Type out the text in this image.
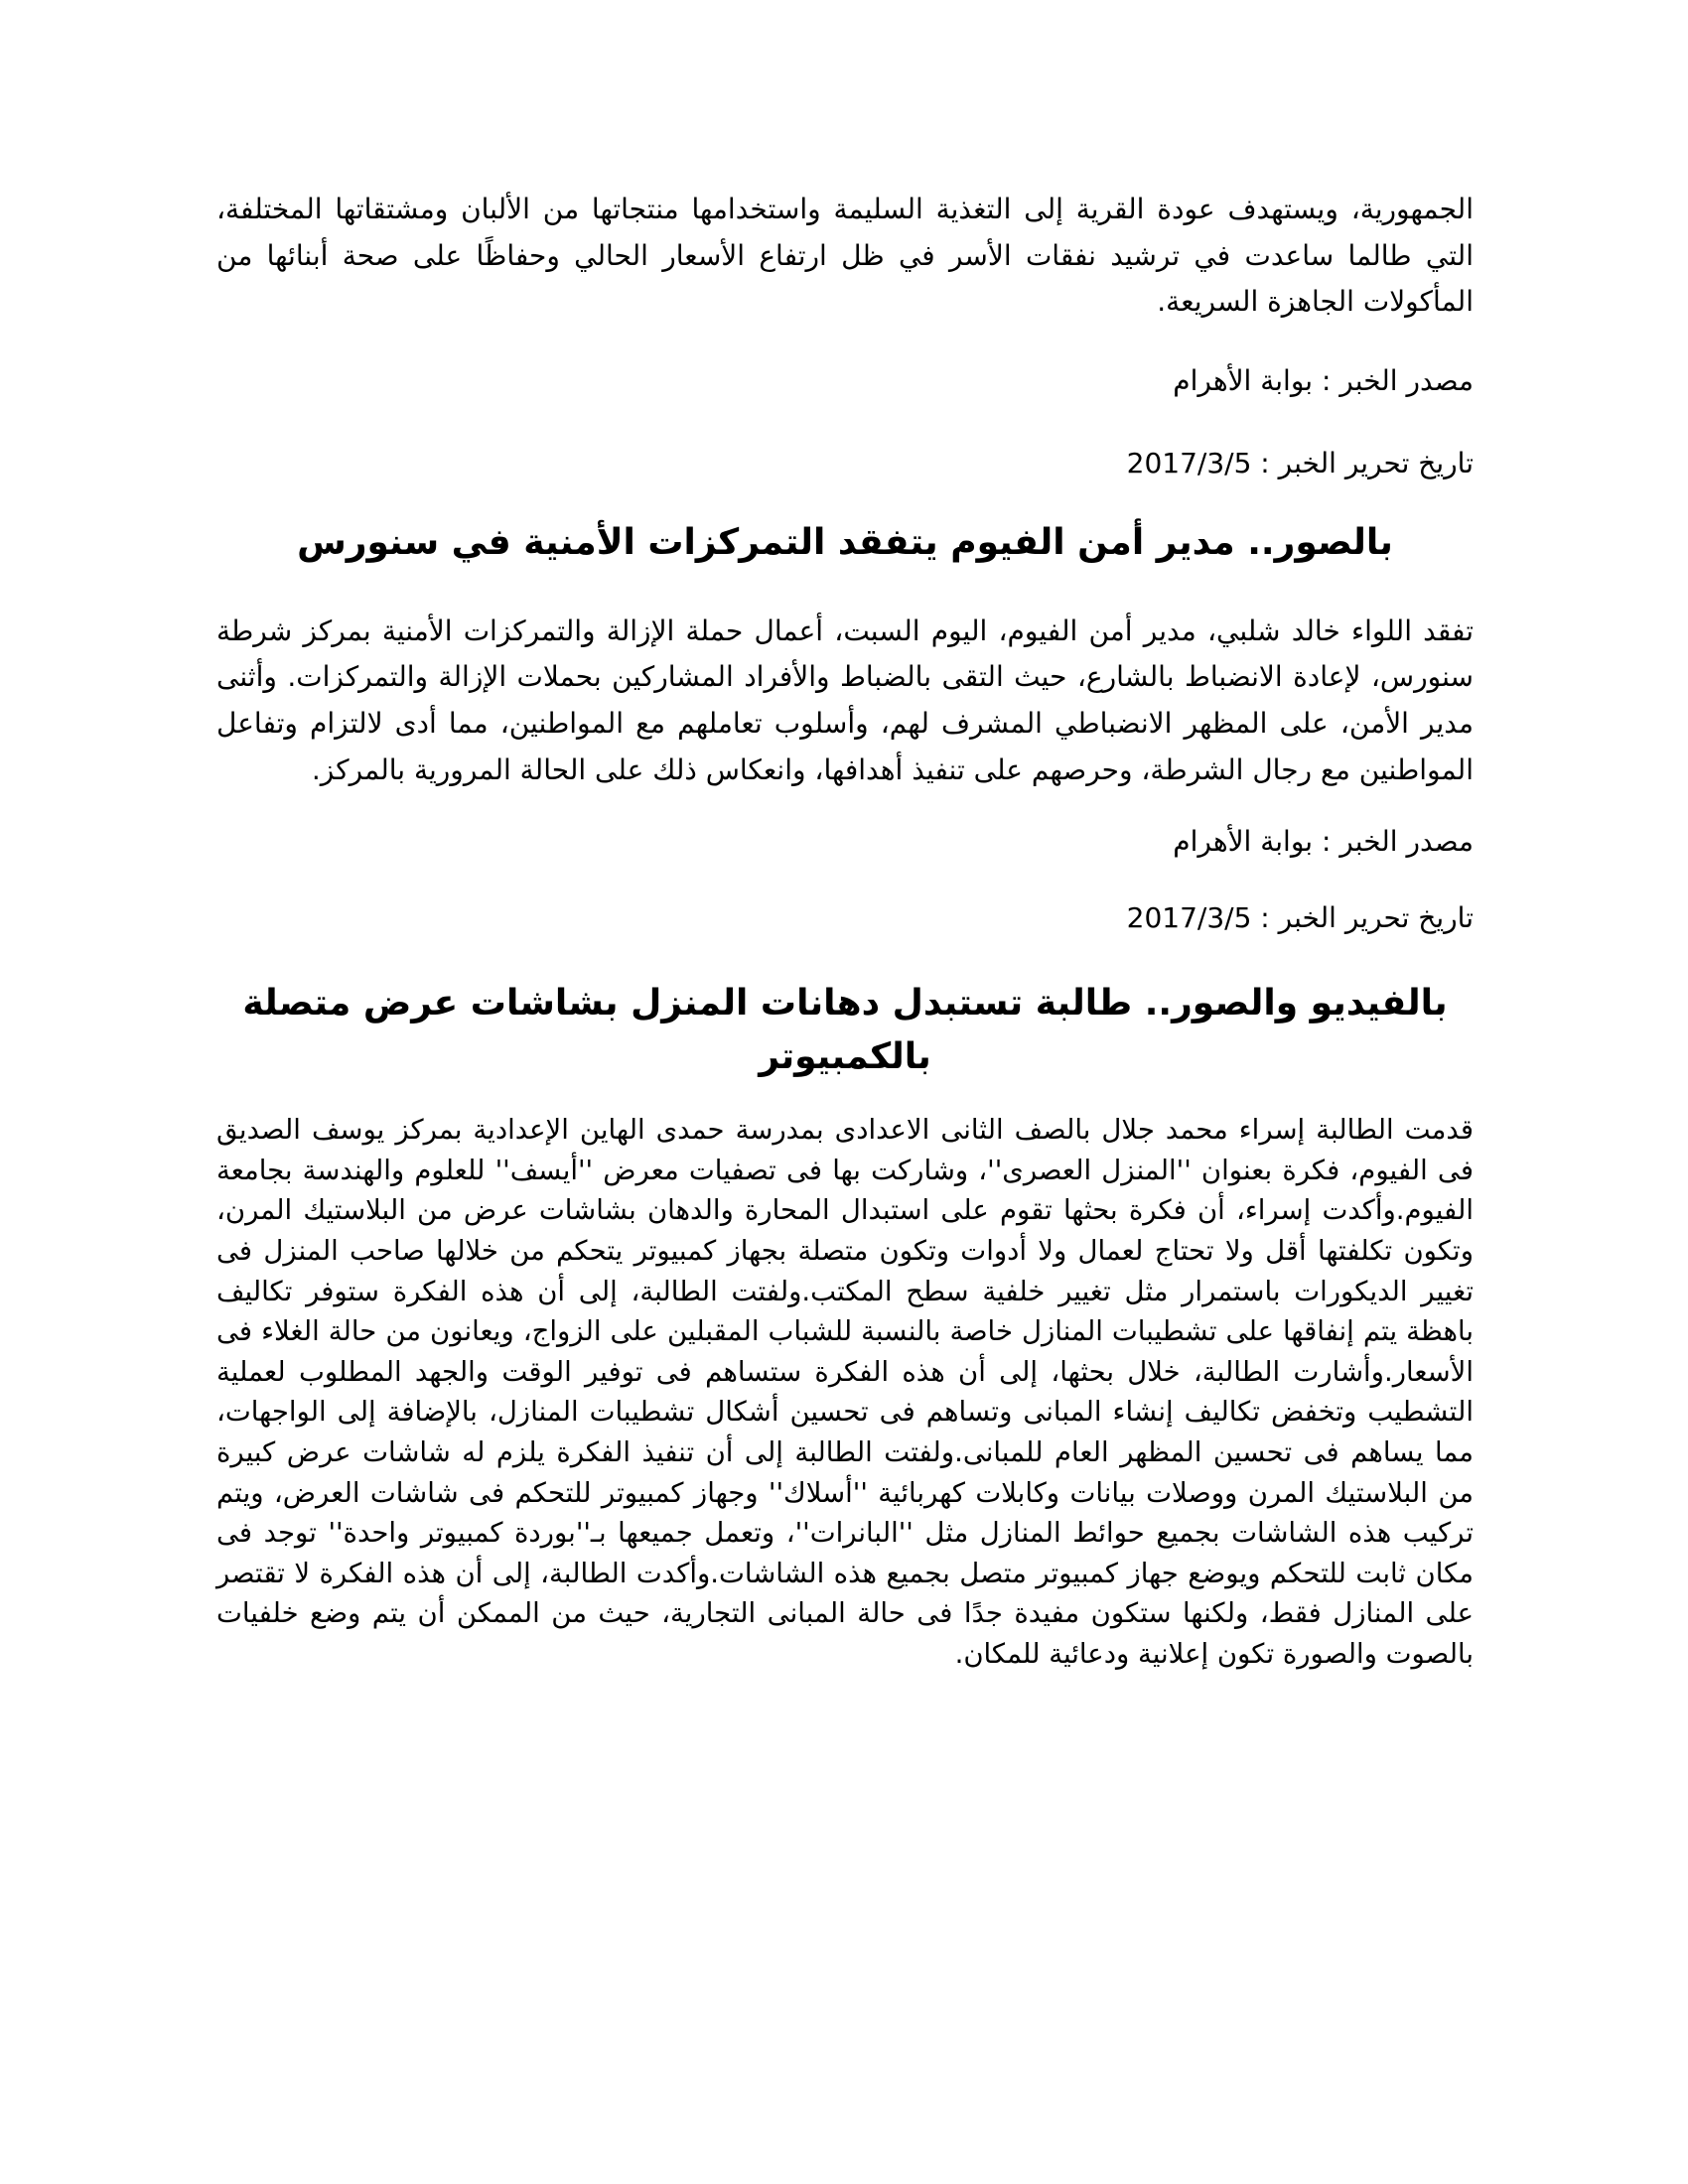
الجمهورية، ويستهدف عودة القرية إلى التغذية السليمة واستخدامها منتجاتها من الألبان ومشتقاتها المختلفة، التي طالما ساعدت في ترشيد نفقات الأسر في ظل ارتفاع الأسعار الحالي وحفاظًا على صحة أبنائها من المأكولات الجاهزة السريعة.

مصدر الخبر : بوابة الأهرام

تاريخ تحرير الخبر : 2017/3/5

بالصور.. مدير أمن الفيوم يتفقد التمركزات الأمنية في سنورس

تفقد اللواء خالد شلبي، مدير أمن الفيوم، اليوم السبت، أعمال حملة الإزالة والتمركزات الأمنية بمركز شرطة سنورس، لإعادة الانضباط بالشارع، حيث التقى بالضباط والأفراد المشاركين بحملات الإزالة والتمركزات. وأثنى مدير الأمن، على المظهر الانضباطي المشرف لهم، وأسلوب تعاملهم مع المواطنين، مما أدى لالتزام وتفاعل المواطنين مع رجال الشرطة، وحرصهم على تنفيذ أهدافها، وانعكاس ذلك على الحالة المرورية بالمركز.

مصدر الخبر : بوابة الأهرام

تاريخ تحرير الخبر : 2017/3/5

بالفيديو والصور.. طالبة تستبدل دهانات المنزل بشاشات عرض متصلة بالكمبيوتر

قدمت الطالبة إسراء محمد جلال بالصف الثانى الاعدادى بمدرسة حمدى الهاين الإعدادية بمركز يوسف الصديق فى الفيوم، فكرة بعنوان ''المنزل العصرى''، وشاركت بها فى تصفيات معرض ''أيسف'' للعلوم والهندسة بجامعة الفيوم.وأكدت إسراء، أن فكرة بحثها تقوم على استبدال المحارة والدهان بشاشات عرض من البلاستيك المرن، وتكون تكلفتها أقل ولا تحتاج لعمال ولا أدوات وتكون متصلة بجهاز كمبيوتر يتحكم من خلالها صاحب المنزل فى تغيير الديكورات باستمرار مثل تغيير خلفية سطح المكتب.ولفتت الطالبة، إلى أن هذه الفكرة ستوفر تكاليف باهظة يتم إنفاقها على تشطيبات المنازل خاصة بالنسبة للشباب المقبلين على الزواج، ويعانون من حالة الغلاء فى الأسعار.وأشارت الطالبة، خلال بحثها، إلى أن هذه الفكرة ستساهم فى توفير الوقت والجهد المطلوب لعملية التشطيب وتخفض تكاليف إنشاء المبانى وتساهم فى تحسين أشكال تشطيبات المنازل، بالإضافة إلى الواجهات، مما يساهم فى تحسين المظهر العام للمبانى.ولفتت الطالبة إلى أن تنفيذ الفكرة يلزم له شاشات عرض كبيرة من البلاستيك المرن ووصلات بيانات وكابلات كهربائية ''أسلاك'' وجهاز كمبيوتر للتحكم فى شاشات العرض، ويتم تركيب هذه الشاشات بجميع حوائط المنازل مثل ''البانرات''، وتعمل جميعها بـ''بوردة كمبيوتر واحدة'' توجد فى مكان ثابت للتحكم ويوضع جهاز كمبيوتر متصل بجميع هذه الشاشات.وأكدت الطالبة، إلى أن هذه الفكرة لا تقتصر على المنازل فقط، ولكنها ستكون مفيدة جدًا فى حالة المبانى التجارية، حيث من الممكن أن يتم وضع خلفيات بالصوت والصورة تكون إعلانية ودعائية للمكان.
